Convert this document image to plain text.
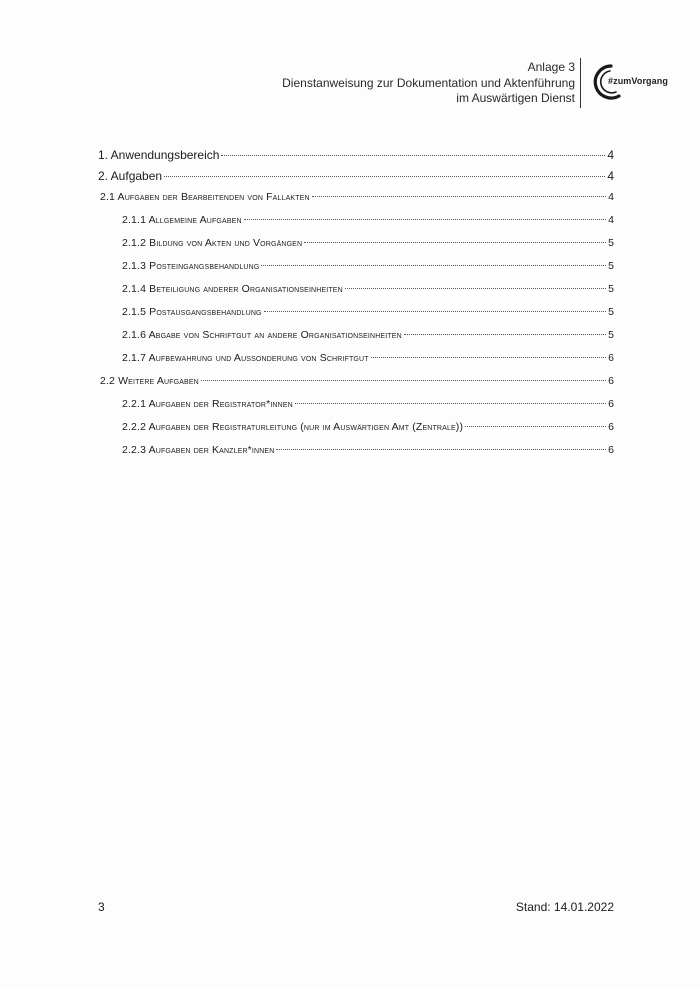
Anlage 3
Dienstanweisung zur Dokumentation und Aktenführung
im Auswärtigen Dienst
#zumVorgang
1. Anwendungsbereich	4
2. Aufgaben	4
2.1 Aufgaben der Bearbeitenden von Fallakten	4
2.1.1 Allgemeine Aufgaben	4
2.1.2 Bildung von Akten und Vorgängen	5
2.1.3 Posteingangsbehandlung	5
2.1.4 Beteiligung anderer Organisationseinheiten	5
2.1.5 Postausgangsbehandlung	5
2.1.6 Abgabe von Schriftgut an andere Organisationseinheiten	5
2.1.7 Aufbewahrung und Aussonderung von Schriftgut	6
2.2 Weitere Aufgaben	6
2.2.1 Aufgaben der Registrator*innen	6
2.2.2 Aufgaben der Registraturleitung (nur im Auswärtigen Amt (Zentrale))	6
2.2.3 Aufgaben der Kanzler*innen	6
3	Stand: 14.01.2022
